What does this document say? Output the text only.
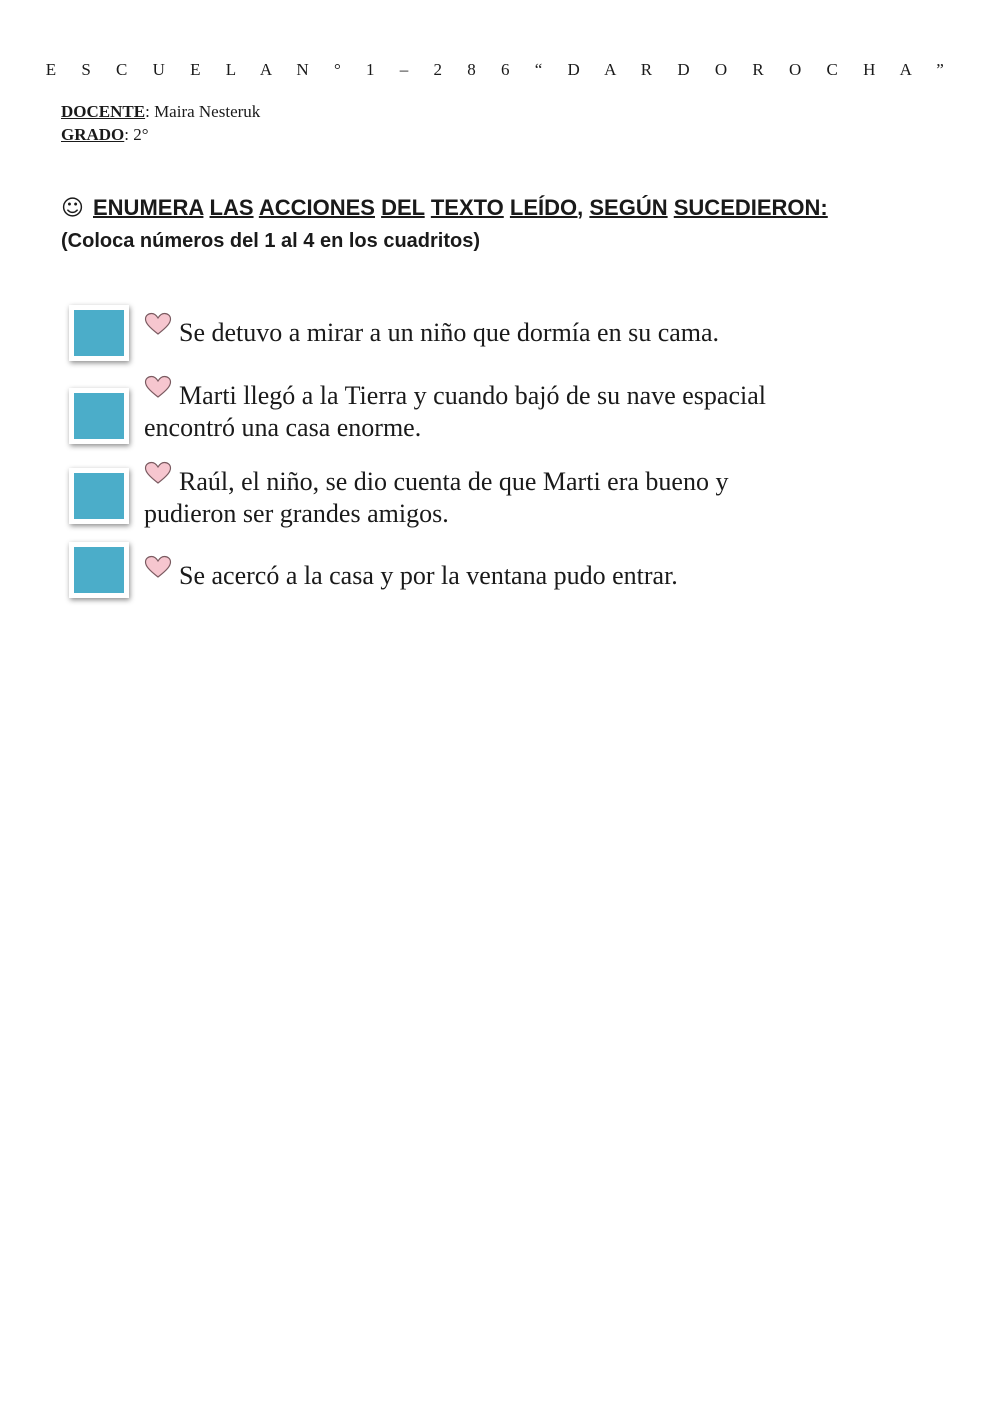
E S C U E L A N ° 1 – 2 8 6 “ D A R D O R O C H A ”
DOCENTE: Maira Nesteruk
GRADO: 2°
☺ ENUMERA LAS ACCIONES DEL TEXTO LEÍDO, SEGÚN SUCEDIERON:
(Coloca números del 1 al 4 en los cuadritos)
Se detuvo a mirar a un niño que dormía en su cama.
Marti llegó a la Tierra y cuando bajó de su nave espacial
encontró una casa enorme.
Raúl, el niño, se dio cuenta de que Marti era bueno y
pudieron ser grandes amigos.
Se acercó a la casa y por la ventana pudo entrar.
